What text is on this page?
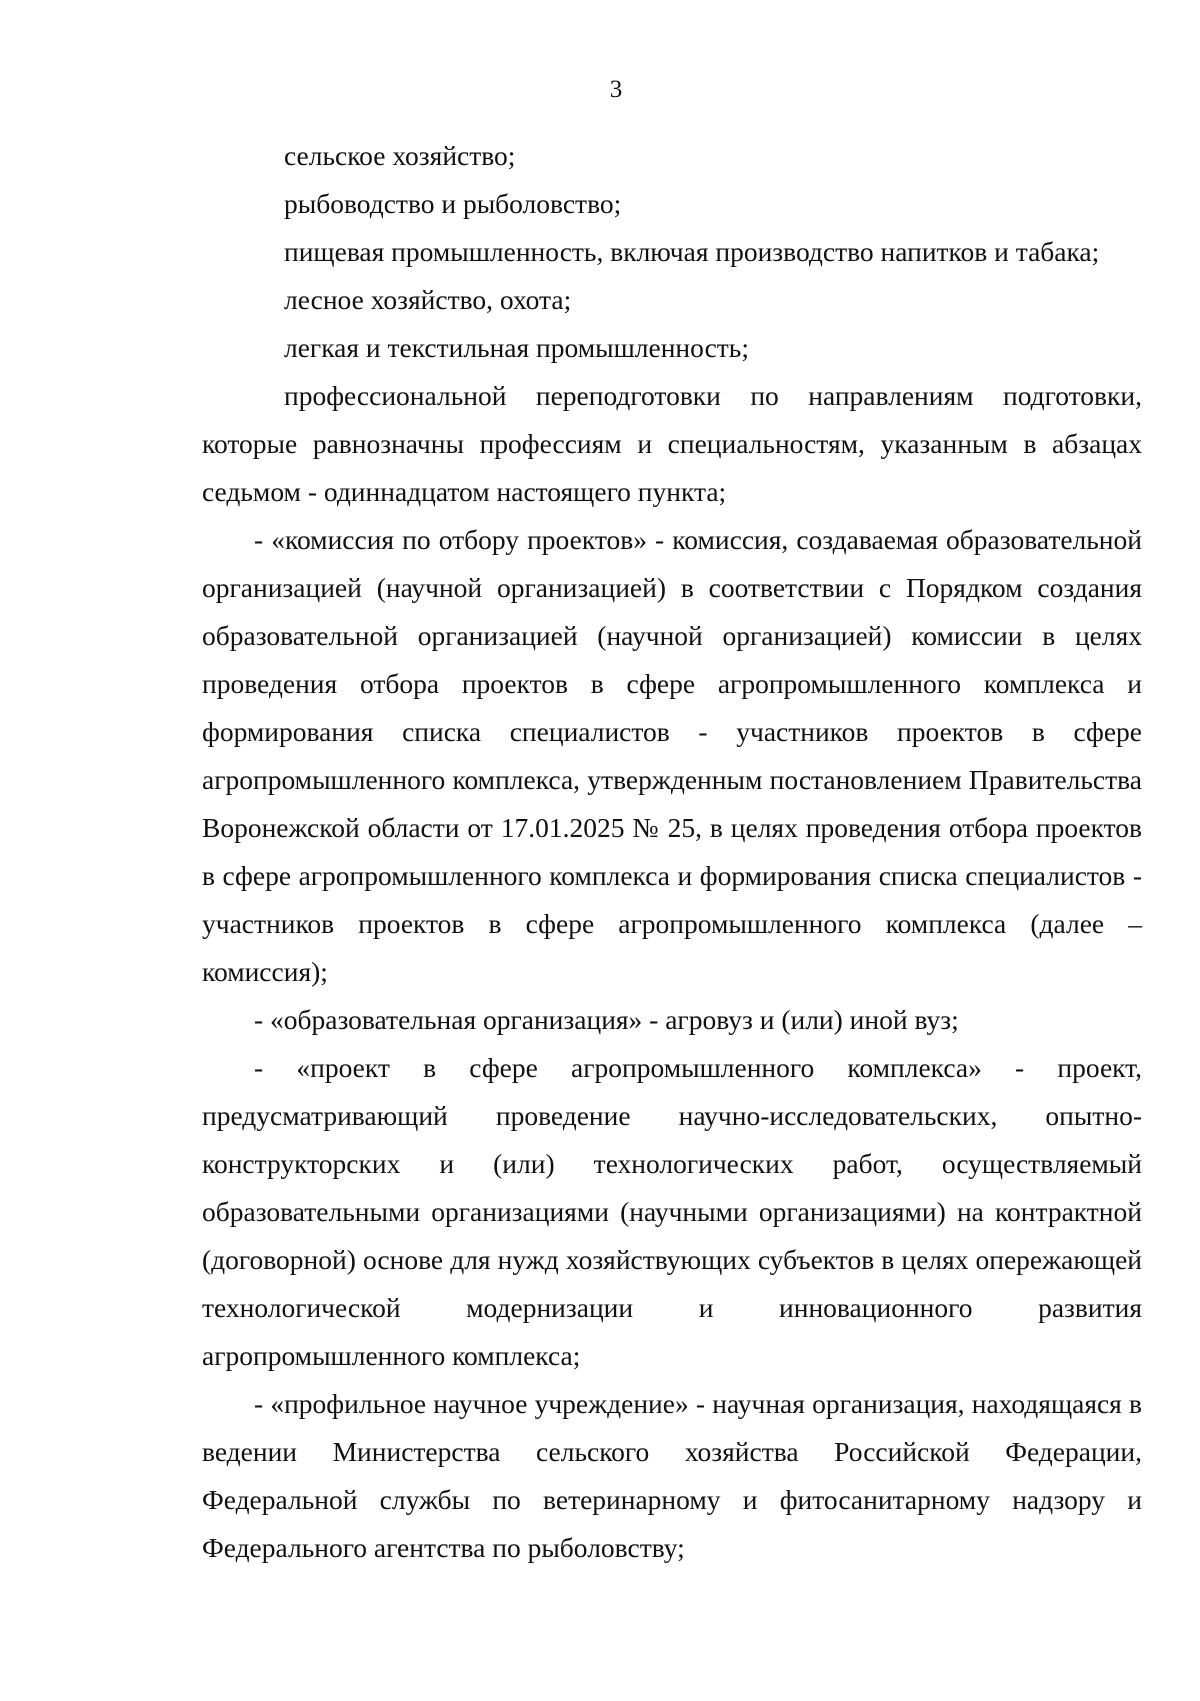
3
сельское хозяйство;
рыбоводство и рыболовство;
пищевая промышленность, включая производство напитков и табака;
лесное хозяйство, охота;
легкая и текстильная промышленность;

профессиональной переподготовки по направлениям подготовки, которые равнозначны профессиям и специальностям, указанным в абзацах седьмом - одиннадцатом настоящего пункта;

- «комиссия по отбору проектов» - комиссия, создаваемая образовательной организацией (научной организацией) в соответствии с Порядком создания образовательной организацией (научной организацией) комиссии в целях проведения отбора проектов в сфере агропромышленного комплекса и формирования списка специалистов - участников проектов в сфере агропромышленного комплекса, утвержденным постановлением Правительства Воронежской области от 17.01.2025 № 25, в целях проведения отбора проектов в сфере агропромышленного комплекса и формирования списка специалистов - участников проектов в сфере агропромышленного комплекса (далее – комиссия);

- «образовательная организация» - агровуз и (или) иной вуз;

- «проект в сфере агропромышленного комплекса» - проект, предусматривающий проведение научно-исследовательских, опытно-конструкторских и (или) технологических работ, осуществляемый образовательными организациями (научными организациями) на контрактной (договорной) основе для нужд хозяйствующих субъектов в целях опережающей технологической модернизации и инновационного развития агропромышленного комплекса;

- «профильное научное учреждение» - научная организация, находящаяся в ведении Министерства сельского хозяйства Российской Федерации, Федеральной службы по ветеринарному и фитосанитарному надзору и Федерального агентства по рыболовству;
